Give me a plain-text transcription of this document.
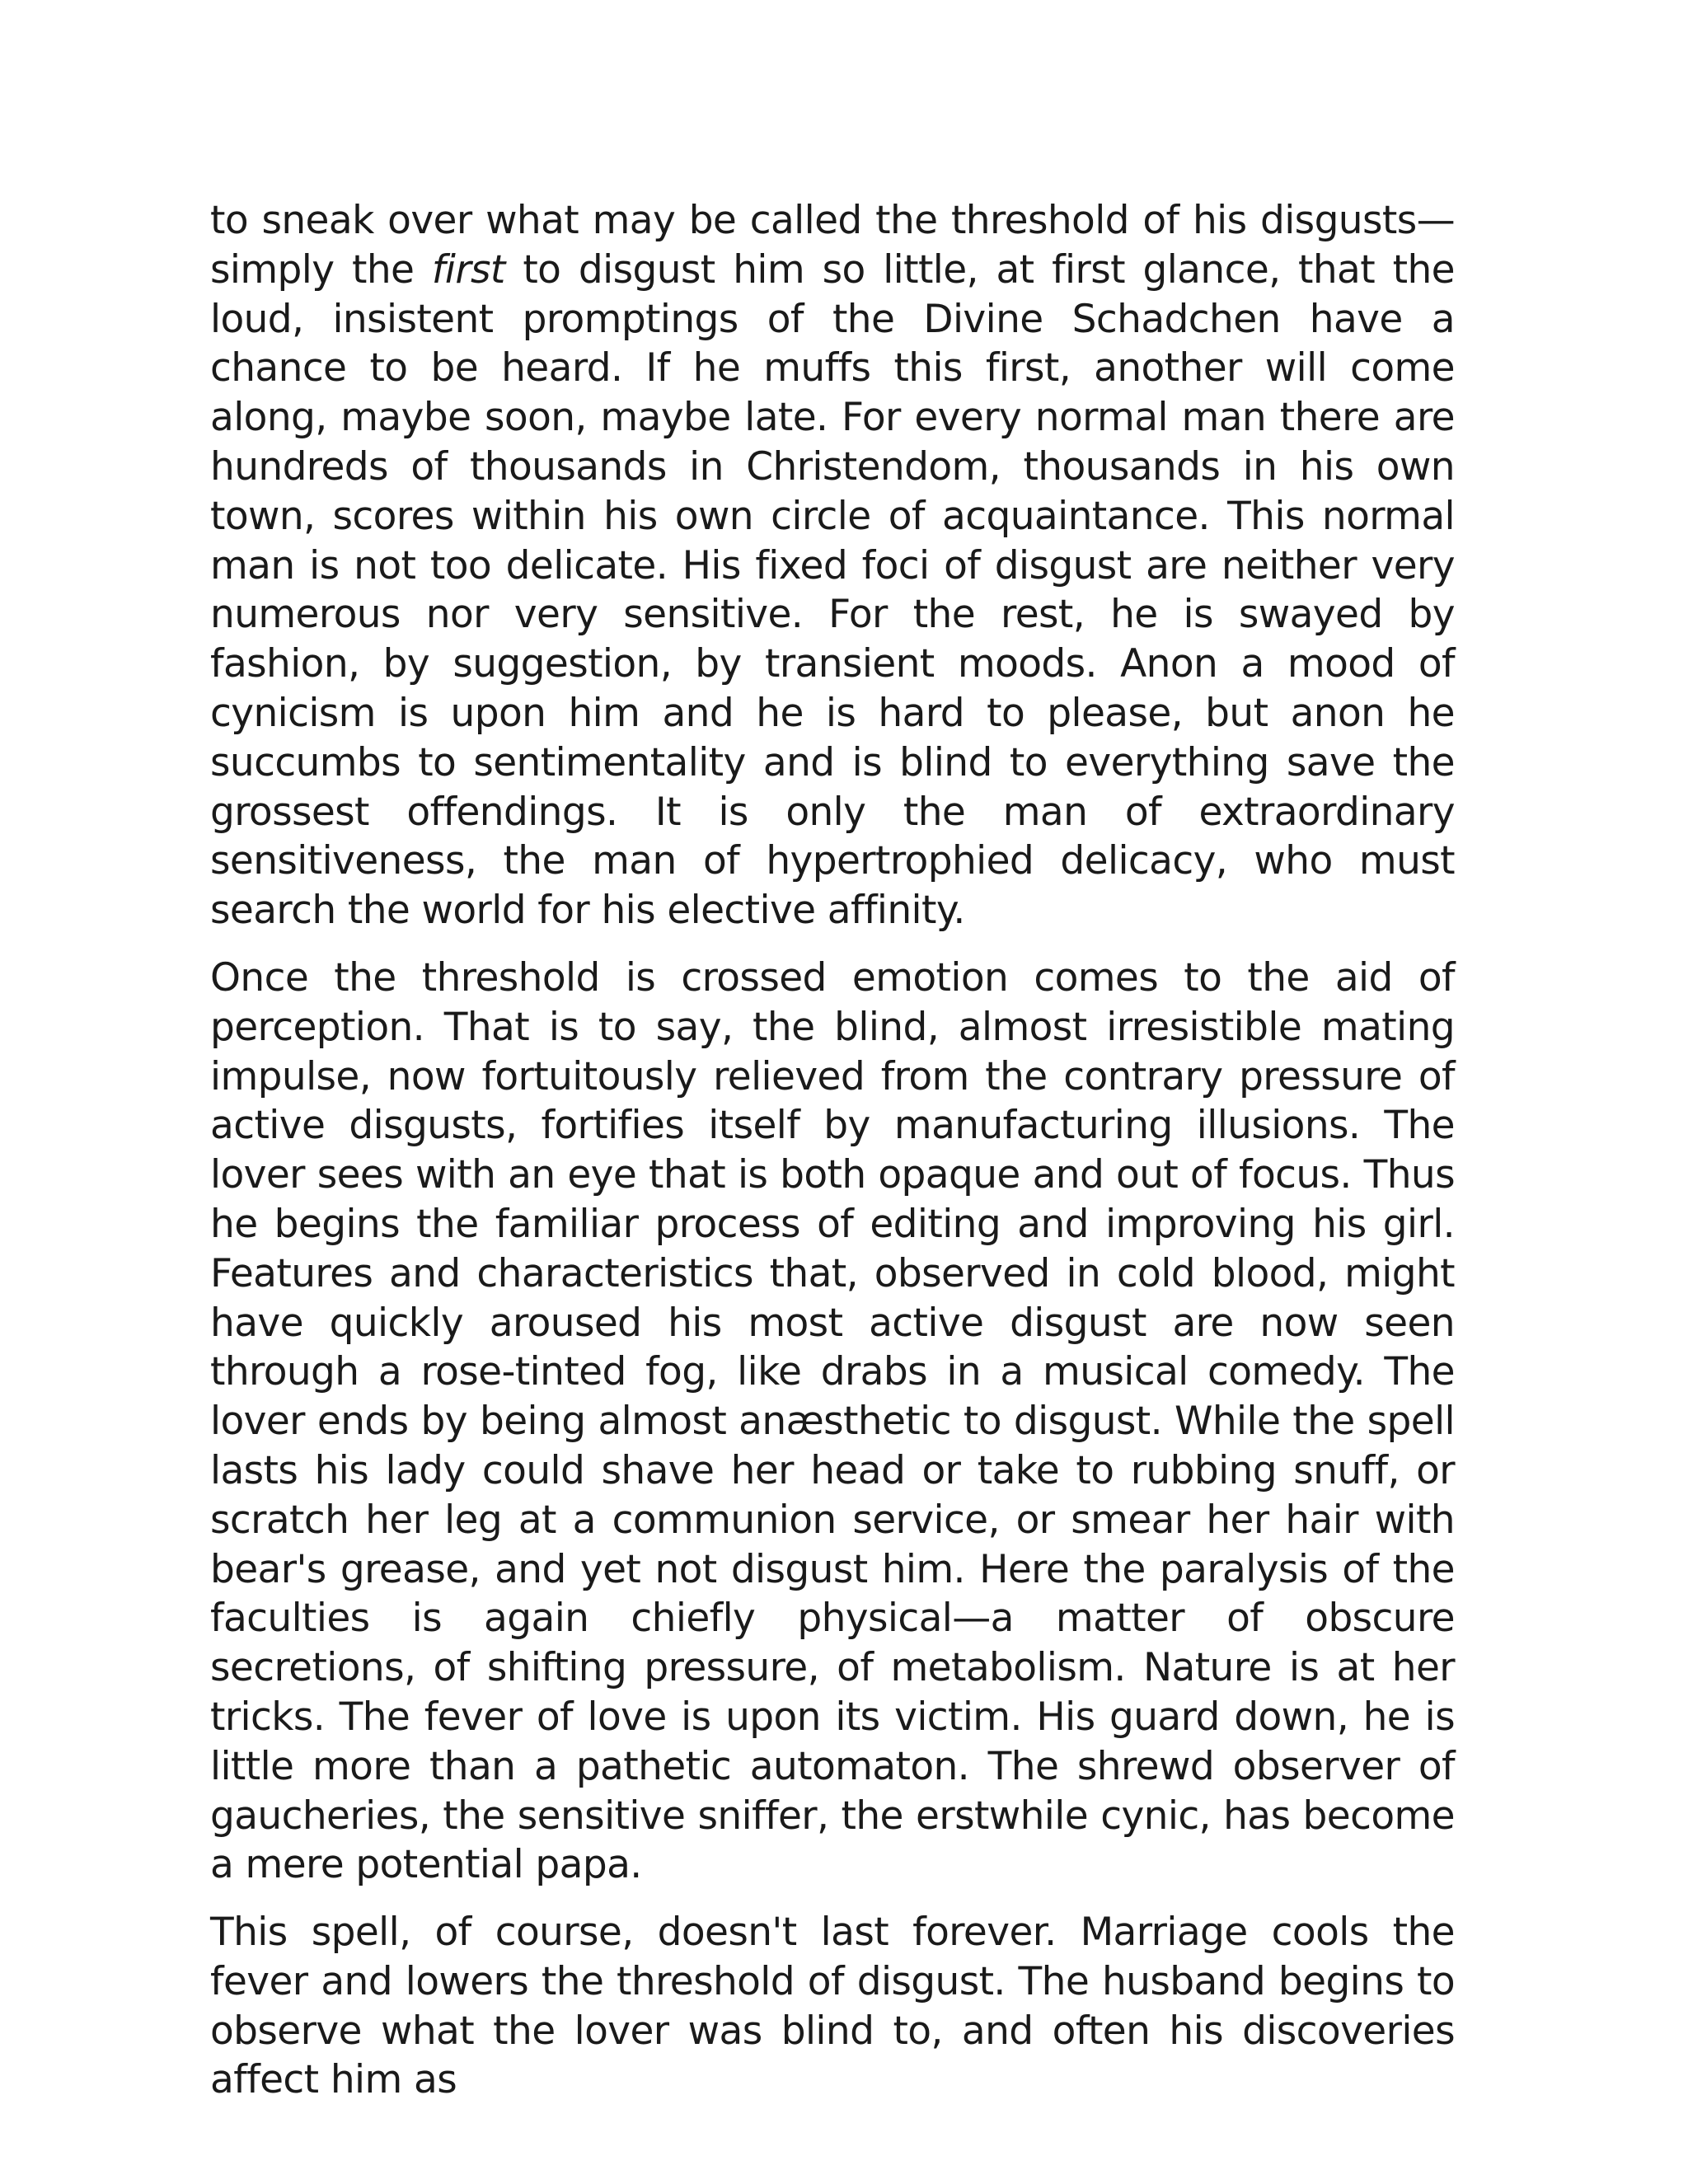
to sneak over what may be called the threshold of his disgusts—simply the first to disgust him so little, at first glance, that the loud, insistent promptings of the Divine Schadchen have a chance to be heard. If he muffs this first, another will come along, maybe soon, maybe late. For every normal man there are hundreds of thousands in Christendom, thousands in his own town, scores within his own circle of acquaintance. This normal man is not too delicate. His fixed foci of disgust are neither very numerous nor very sensitive. For the rest, he is swayed by fashion, by suggestion, by transient moods. Anon a mood of cynicism is upon him and he is hard to please, but anon he succumbs to sentimentality and is blind to everything save the grossest offendings. It is only the man of extraordinary sensitiveness, the man of hypertrophied delicacy, who must search the world for his elective affinity.

Once the threshold is crossed emotion comes to the aid of perception. That is to say, the blind, almost irresistible mating impulse, now fortuitously relieved from the contrary pressure of active disgusts, fortifies itself by manufacturing illusions. The lover sees with an eye that is both opaque and out of focus. Thus he begins the familiar process of editing and improving his girl. Features and characteristics that, observed in cold blood, might have quickly aroused his most active disgust are now seen through a rose-tinted fog, like drabs in a musical comedy. The lover ends by being almost anæsthetic to disgust. While the spell lasts his lady could shave her head or take to rubbing snuff, or scratch her leg at a communion service, or smear her hair with bear's grease, and yet not disgust him. Here the paralysis of the faculties is again chiefly physical—a matter of obscure secretions, of shifting pressure, of metabolism. Nature is at her tricks. The fever of love is upon its victim. His guard down, he is little more than a pathetic automaton. The shrewd observer of gaucheries, the sensitive sniffer, the erstwhile cynic, has become a mere potential papa.

This spell, of course, doesn't last forever. Marriage cools the fever and lowers the threshold of disgust. The husband begins to observe what the lover was blind to, and often his discoveries affect him as
